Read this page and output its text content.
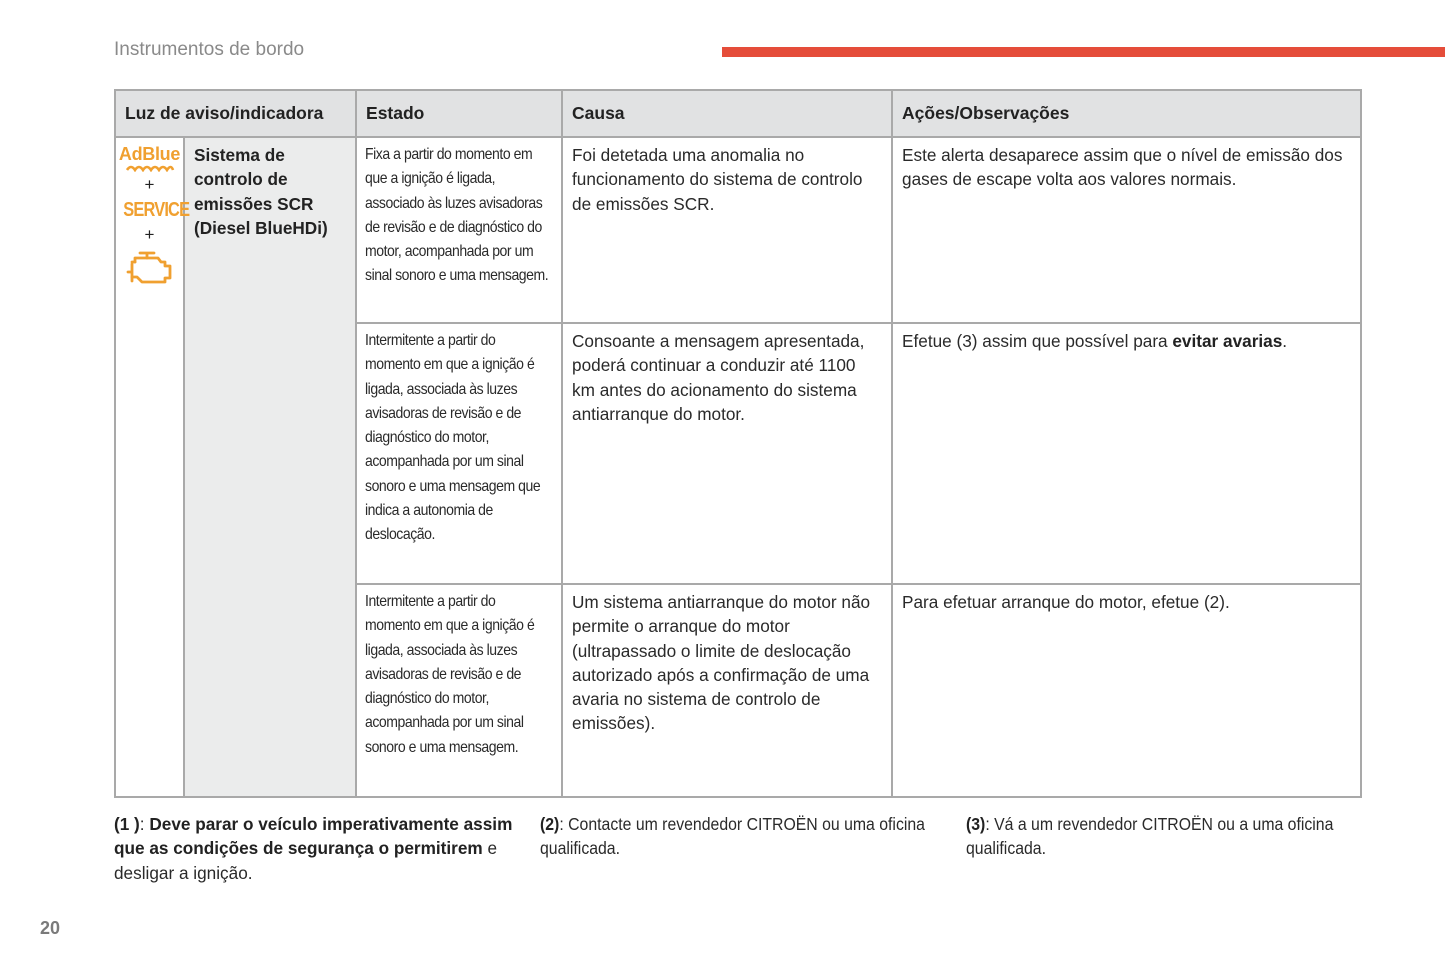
Instrumentos de bordo
Luz de aviso/indicadora		Estado	Causa	Ações/Observações

AdBlue
+
SERVICE
+	Sistema de controlo de emissões SCR (Diesel BlueHDi)	Fixa a partir do momento em que a ignição é ligada, associado às luzes avisadoras de revisão e de diagnóstico do motor, acompanhada por um sinal sonoro e uma mensagem.	Foi detetada uma anomalia no funcionamento do sistema de controlo de emissões SCR.	Este alerta desaparece assim que o nível de emissão dos gases de escape volta aos valores normais.
		Intermitente a partir do momento em que a ignição é ligada, associada às luzes avisadoras de revisão e de diagnóstico do motor, acompanhada por um sinal sonoro e uma mensagem que indica a autonomia de deslocação.	Consoante a mensagem apresentada, poderá continuar a conduzir até 1100 km antes do acionamento do sistema antiarranque do motor.	Efetue (3) assim que possível para evitar avarias.
		Intermitente a partir do momento em que a ignição é ligada, associada às luzes avisadoras de revisão e de diagnóstico do motor, acompanhada por um sinal sonoro e uma mensagem.	Um sistema antiarranque do motor não permite o arranque do motor (ultrapassado o limite de deslocação autorizado após a confirmação de uma avaria no sistema de controlo de emissões).	Para efetuar arranque do motor, efetue (2).
(1 ): Deve parar o veículo imperativamente assim que as condições de segurança o permitirem e desligar a ignição.
(2): Contacte um revendedor CITROËN ou uma oficina qualificada.
(3): Vá a um revendedor CITROËN ou a uma oficina qualificada.
20
